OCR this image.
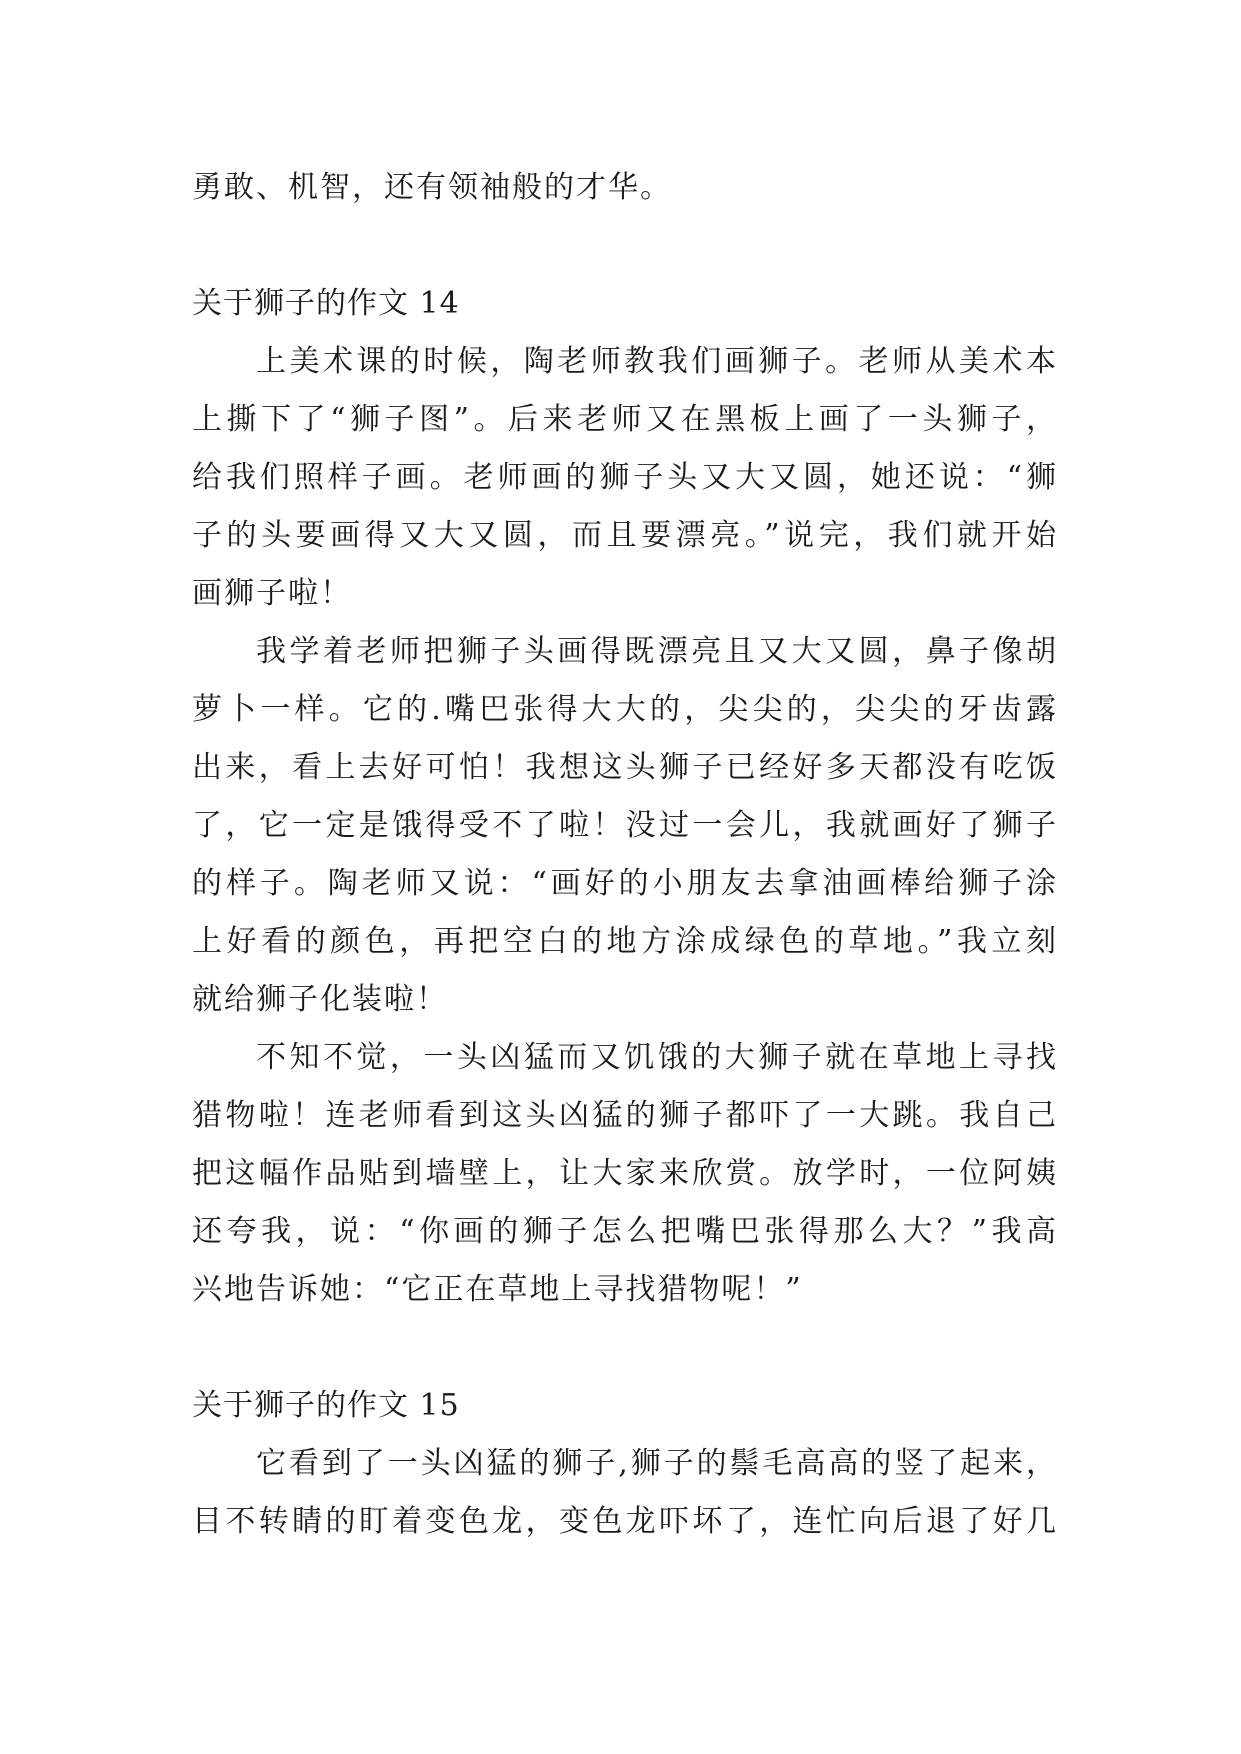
勇敢、机智，还有领袖般的才华。
关于狮子的作文 14
上美术课的时候，陶老师教我们画狮子。老师从美术本
上撕下了“狮子图”。后来老师又在黑板上画了一头狮子，
给我们照样子画。老师画的狮子头又大又圆，她还说：“狮
子的头要画得又大又圆，而且要漂亮。”说完，我们就开始
画狮子啦！
我学着老师把狮子头画得既漂亮且又大又圆，鼻子像胡
萝卜一样。它的.嘴巴张得大大的，尖尖的，尖尖的牙齿露
出来，看上去好可怕！我想这头狮子已经好多天都没有吃饭
了，它一定是饿得受不了啦！没过一会儿，我就画好了狮子
的样子。陶老师又说：“画好的小朋友去拿油画棒给狮子涂
上好看的颜色，再把空白的地方涂成绿色的草地。”我立刻
就给狮子化装啦！
不知不觉，一头凶猛而又饥饿的大狮子就在草地上寻找
猎物啦！连老师看到这头凶猛的狮子都吓了一大跳。我自己
把这幅作品贴到墙壁上，让大家来欣赏。放学时，一位阿姨
还夸我，说：“你画的狮子怎么把嘴巴张得那么大？”我高
兴地告诉她：“它正在草地上寻找猎物呢！”
关于狮子的作文 15
它看到了一头凶猛的狮子,狮子的鬃毛高高的竖了起来，
目不转睛的盯着变色龙，变色龙吓坏了，连忙向后退了好几
